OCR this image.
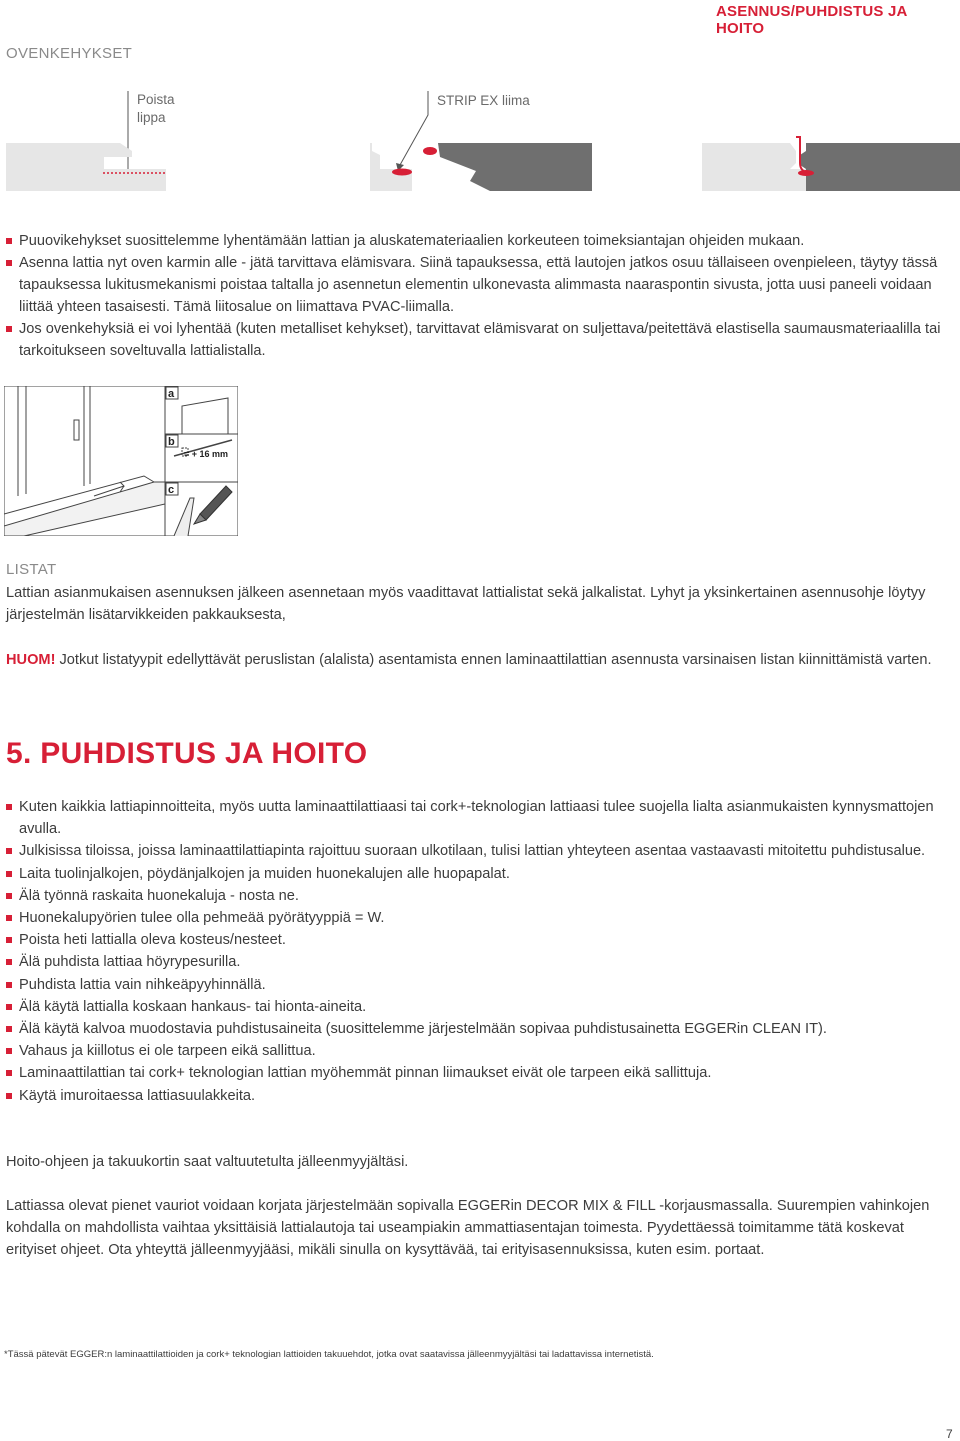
ASENNUS/PUHDISTUS JA HOITO
OVENKEHYKSET
Poista
lippa
STRIP EX liima
Puuovikehykset suosittelemme lyhentämään lattian ja aluskatemateriaalien korkeuteen toimeksiantajan ohjeiden mukaan.
Asenna lattia nyt oven karmin alle - jätä tarvittava elämisvara. Siinä tapauksessa, että lautojen jatkos osuu tällaiseen ovenpieleen, täytyy tässä tapauksessa lukitusmekanismi poistaa taltalla jo asennetun elementin ulkonevasta alimmasta naaraspontin sivusta, jotta uusi paneeli voidaan liittää yhteen tasaisesti. Tämä liitosalue on liimattava PVAC-liimalla.
Jos ovenkehyksiä ei voi lyhentää (kuten metalliset kehykset), tarvittavat elämisvarat on suljettava/peitettävä elastisella saumausmateriaalilla tai tarkoitukseen soveltuvalla lattialistalla.
a
b
= + 16 mm
c
LISTAT
Lattian asianmukaisen asennuksen jälkeen asennetaan myös vaadittavat lattialistat sekä jalkalistat. Lyhyt ja yksinkertainen asennusohje löytyy järjestelmän lisätarvikkeiden pakkauksesta,
HUOM! Jotkut listatyypit edellyttävät peruslistan (alalista) asentamista ennen laminaattilattian asennusta varsinaisen listan kiinnittämistä varten.
5. PUHDISTUS JA HOITO
Kuten kaikkia lattiapinnoitteita, myös uutta laminaattilattiaasi tai cork+-teknologian lattiaasi tulee suojella lialta asianmukaisten kynnysmattojen avulla.
Julkisissa tiloissa, joissa laminaattilattiapinta rajoittuu suoraan ulkotilaan, tulisi lattian yhteyteen asentaa vastaavasti mitoitettu puhdistusalue.
Laita tuolinjalkojen, pöydänjalkojen ja muiden huonekalujen alle huopapalat.
Älä työnnä raskaita huonekaluja - nosta ne.
Huonekalupyörien tulee olla pehmeää pyörätyyppiä = W.
Poista heti lattialla oleva kosteus/nesteet.
Älä puhdista lattiaa höyrypesurilla.
Puhdista lattia vain nihkeäpyyhinnällä.
Älä käytä lattialla koskaan hankaus- tai hionta-aineita.
Älä käytä kalvoa muodostavia puhdistusaineita (suosittelemme järjestelmään sopivaa puhdistusainetta EGGERin CLEAN IT).
Vahaus ja kiillotus ei ole tarpeen eikä sallittua.
Laminaattilattian tai cork+ teknologian lattian myöhemmät pinnan liimaukset eivät ole tarpeen eikä sallittuja.
Käytä imuroitaessa lattiasuulakkeita.
Hoito-ohjeen ja takuukortin saat valtuutetulta jälleenmyyjältäsi.
Lattiassa olevat pienet vauriot voidaan korjata järjestelmään sopivalla EGGERin DECOR MIX & FILL -korjausmassalla. Suurempien vahinkojen kohdalla on mahdollista vaihtaa yksittäisiä lattialautoja tai useampiakin ammattiasentajan toimesta. Pyydettäessä toimitamme tätä koskevat erityiset ohjeet. Ota yhteyttä jälleenmyyjääsi, mikäli sinulla on kysyttävää, tai erityisasennuksissa, kuten esim. portaat.
*Tässä pätevät EGGER:n laminaattilattioiden ja cork+ teknologian lattioiden takuuehdot, jotka ovat saatavissa jälleenmyyjältäsi tai ladattavissa internetistä.
7
